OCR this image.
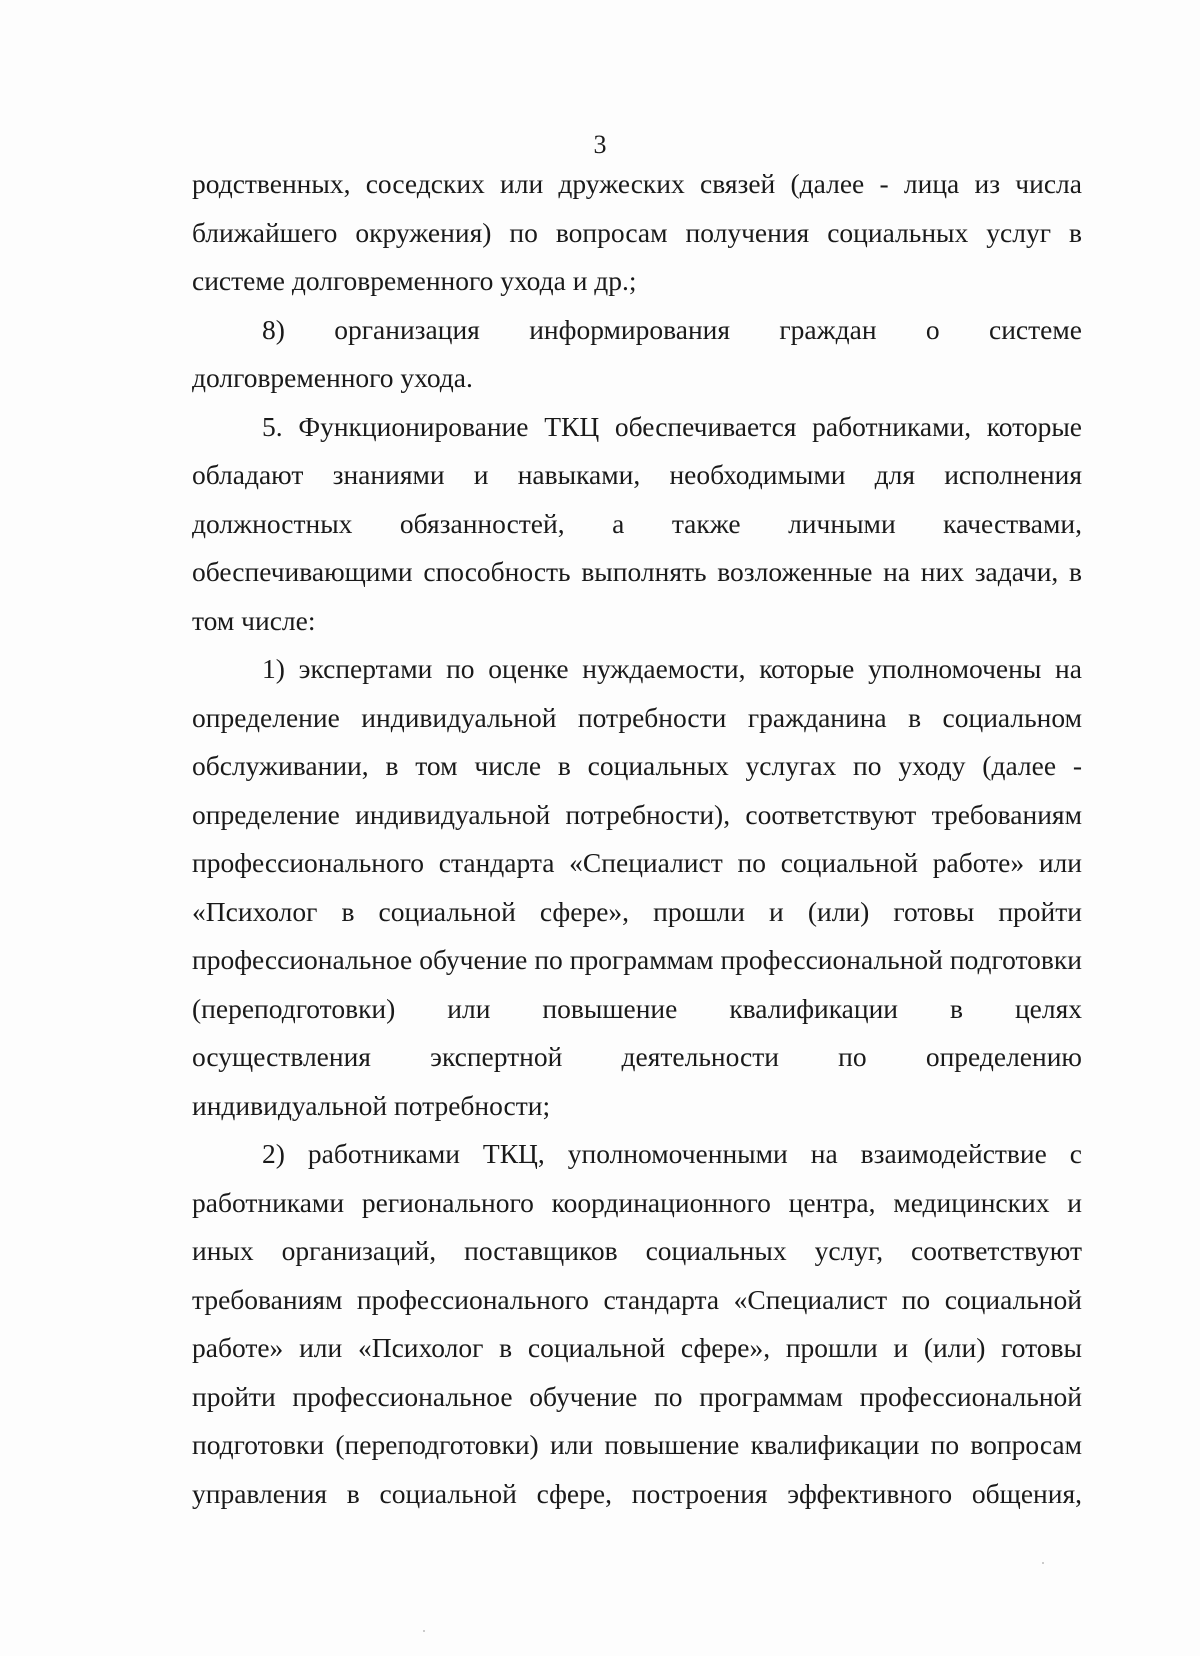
3

родственных, соседских или дружеских связей (далее - лица из числа

ближайшего окружения) по вопросам получения социальных услуг в

системе долговременного ухода и др.;

8) организация информирования граждан о системе

долговременного ухода.

5. Функционирование ТКЦ обеспечивается работниками, которые

обладают знаниями и навыками, необходимыми для исполнения
должностных обязанностей, а также личными качествами,

обеспечивающими способность выполнять возложенные на них задачи, в

том числе:

1) экспертами по оценке нуждаемости, которые уполномочены на определение индивидуальной потребности гражданина в социальном обслуживании, в том числе в социальных услугах по уходу (далее - определение индивидуальной потребности), соответствуют требованиям профессионального стандарта «Специалист по социальной работе» или «Психолог в социальной сфере», прошли и (или) готовы пройти профессиональное обучение по программам профессиональной подготовки (переподготовки) или повышение квалификации в целях

осуществления экспертной деятельности по определению

индивидуальной потребности;

2) работниками ТКЦ, уполномоченными на взаимодействие с работниками регионального координационного центра, медицинских и иных организаций, поставщиков социальных услуг, соответствуют требованиям профессионального стандарта «Специалист по социальной работе» или «Психолог в социальной сфере», прошли и (или) готовы пройти профессиональное обучение по программам профессиональной подготовки (переподготовки) или повышение квалификации по вопросам управления в социальной сфере, построения эффективного общения,
